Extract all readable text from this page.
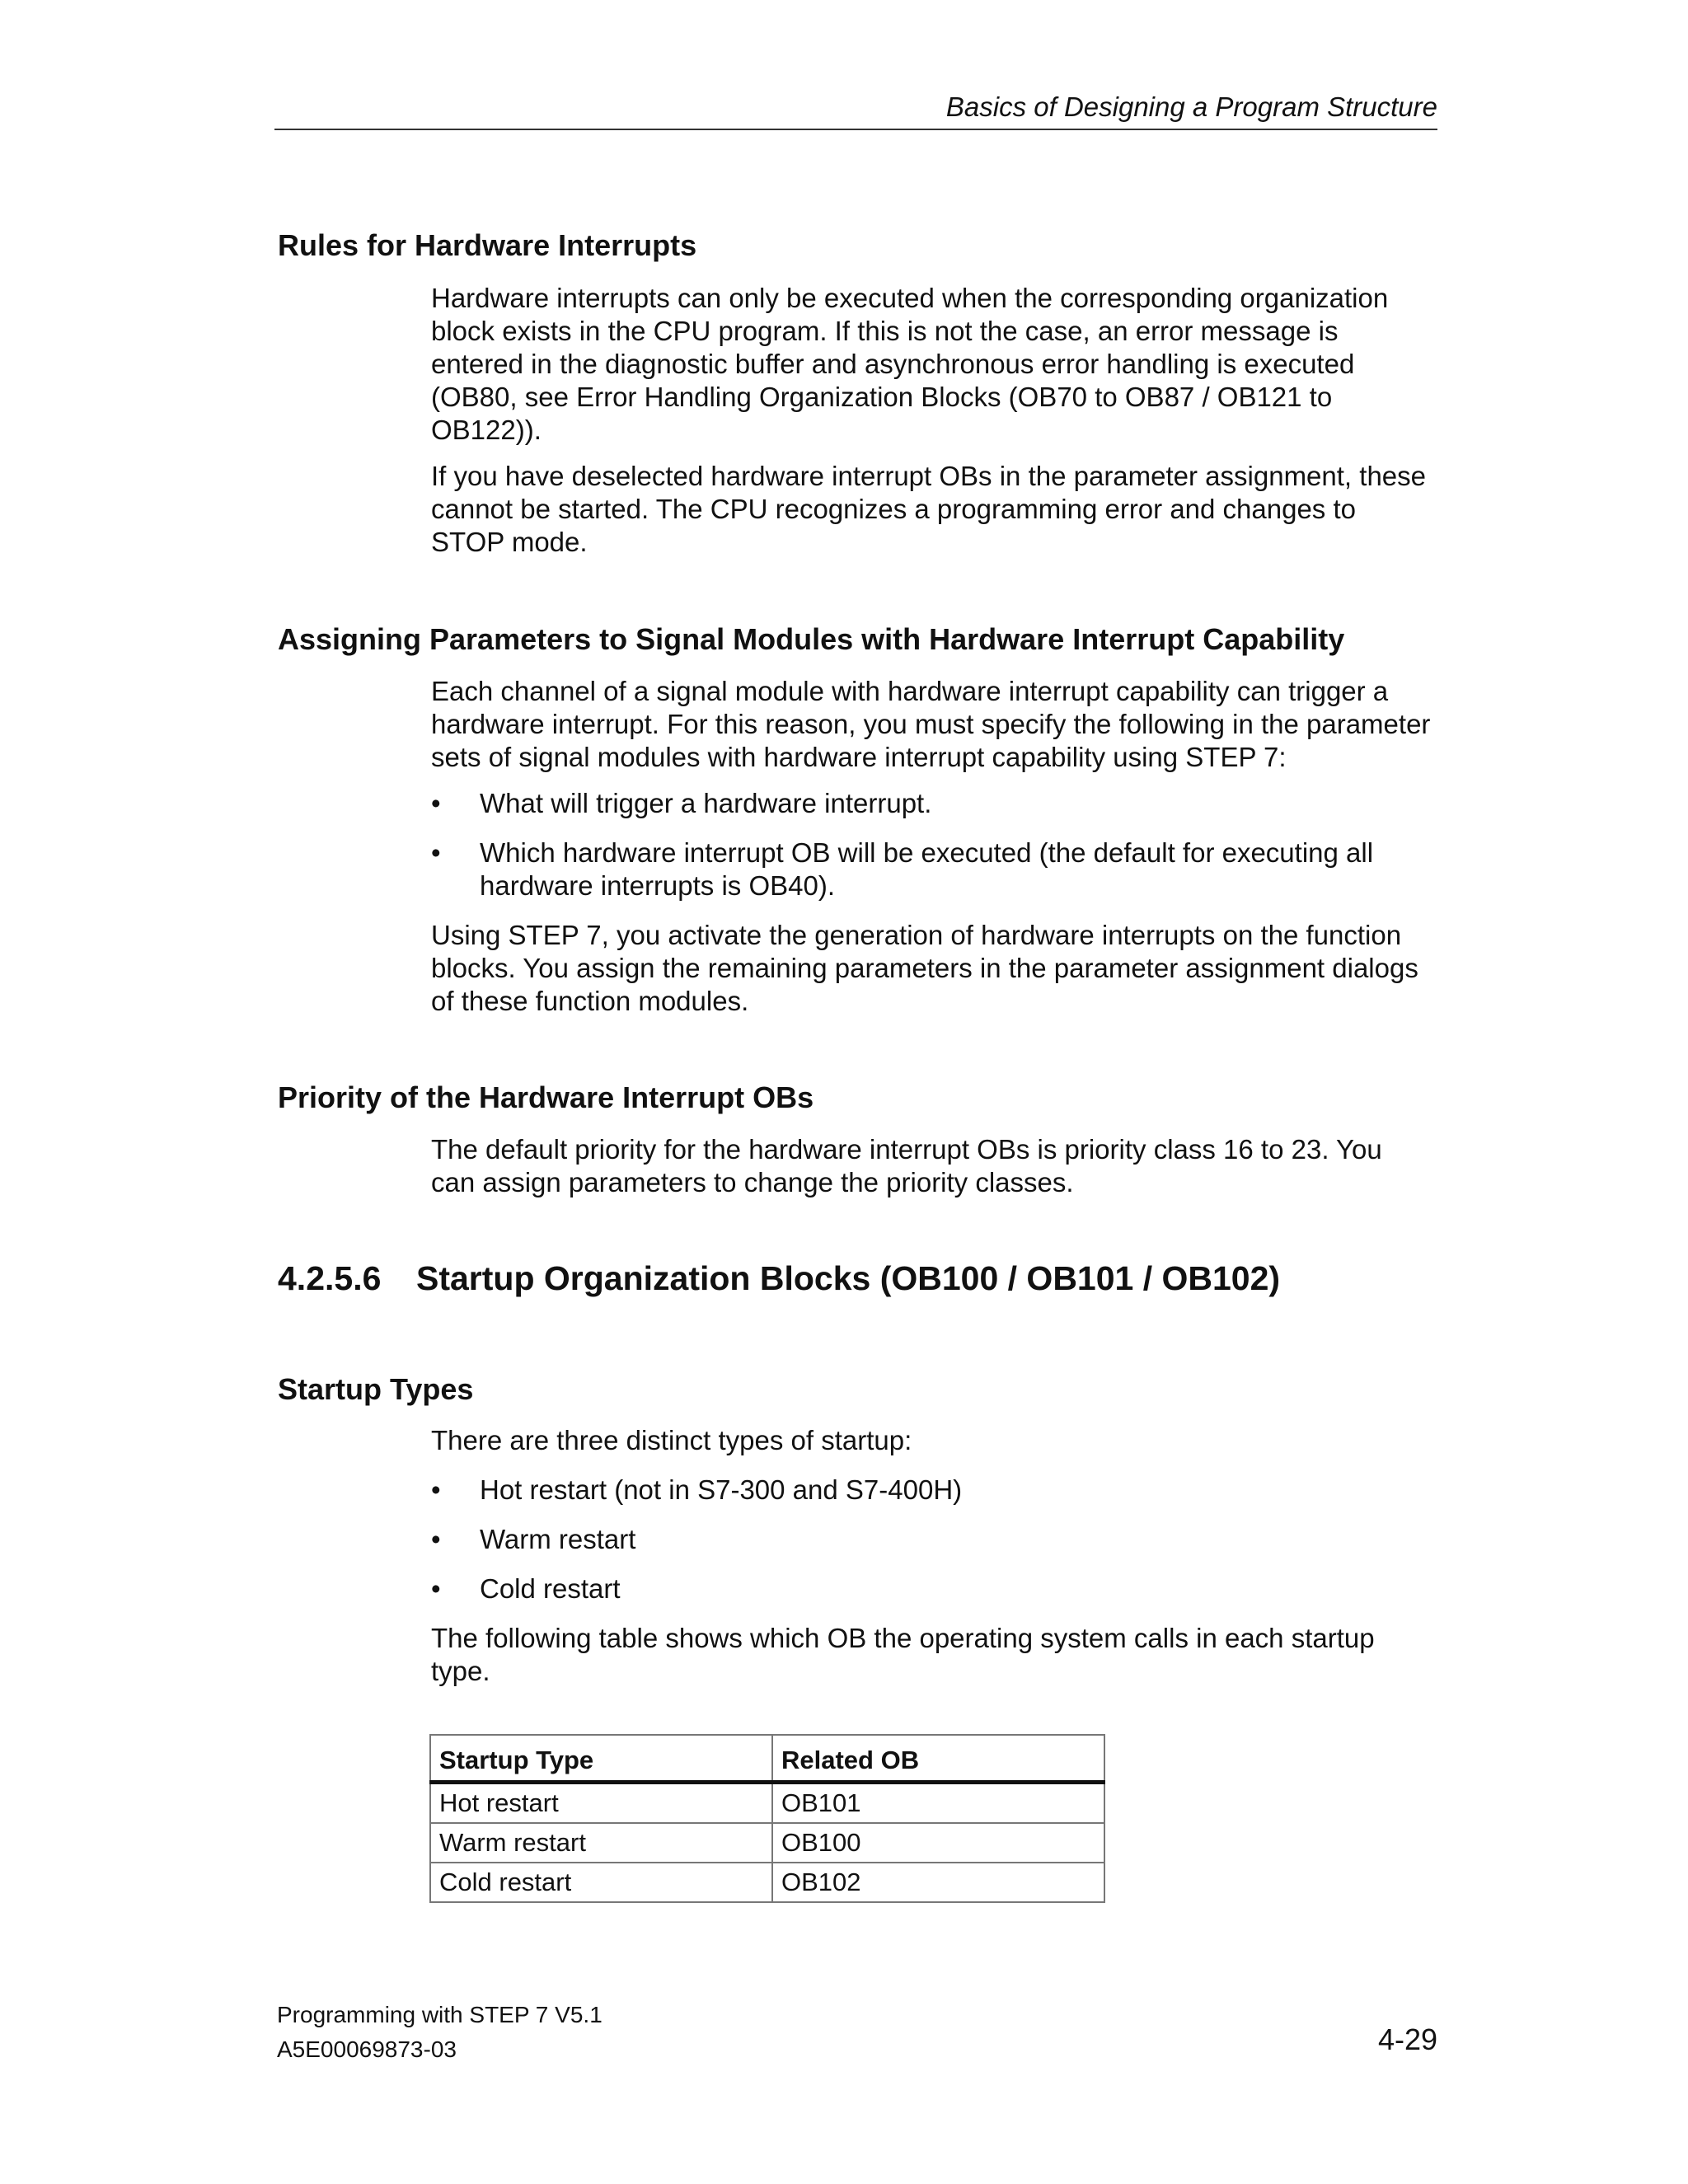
Basics of Designing a Program Structure
Rules for Hardware Interrupts

Hardware interrupts can only be executed when the corresponding organization
block exists in the CPU program. If this is not the case, an error message is
entered in the diagnostic buffer and asynchronous error handling is executed
(OB80, see Error Handling Organization Blocks (OB70 to OB87 / OB121 to
OB122)).

If you have deselected hardware interrupt OBs in the parameter assignment, these
cannot be started. The CPU recognizes a programming error and changes to
STOP mode.

Assigning Parameters to Signal Modules with Hardware Interrupt Capability

Each channel of a signal module with hardware interrupt capability can trigger a
hardware interrupt. For this reason, you must specify the following in the parameter
sets of signal modules with hardware interrupt capability using STEP 7:

•	What will trigger a hardware interrupt.
•	Which hardware interrupt OB will be executed (the default for executing all
hardware interrupts is OB40).

Using STEP 7, you activate the generation of hardware interrupts on the function
blocks. You assign the remaining parameters in the parameter assignment dialogs
of these function modules.

Priority of the Hardware Interrupt OBs

The default priority for the hardware interrupt OBs is priority class 16 to 23. You
can assign parameters to change the priority classes.

4.2.5.6 Startup Organization Blocks (OB100 / OB101 / OB102)
Startup Types

There are three distinct types of startup:

•	Hot restart (not in S7-300 and S7-400H)
•	Warm restart
•	Cold restart

The following table shows which OB the operating system calls in each startup
type.

Startup Type	Related OB
Hot restart	OB101
Warm restart	OB100
Cold restart	OB102
Programming with STEP 7 V5.1
A5E00069873-03	4-29
